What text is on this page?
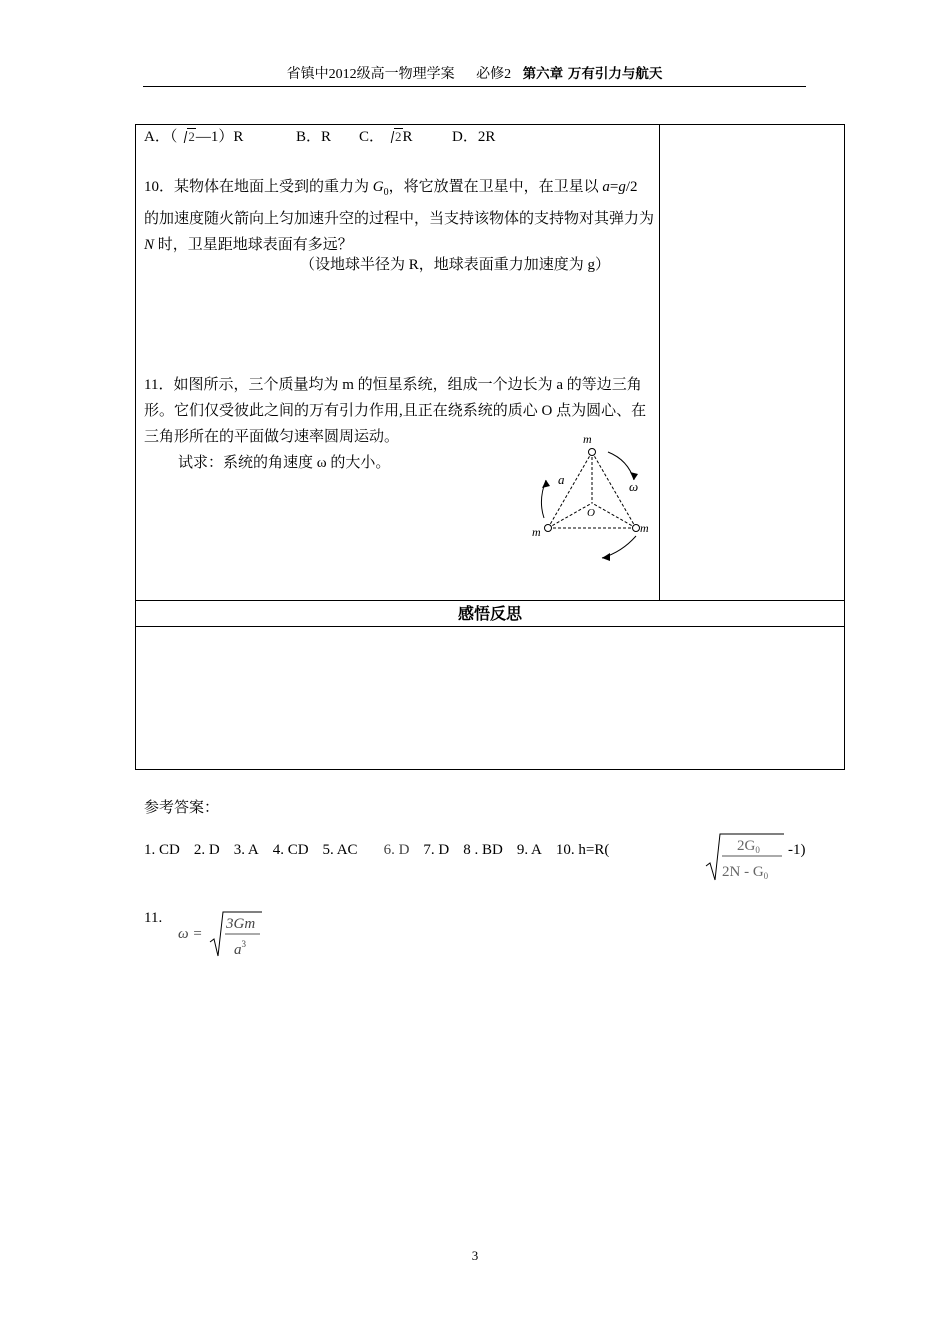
省镇中2012级高一物理学案 必修2 第六章 万有引力与航天
A．（ 2—1）R	B．R C． 2R	D．2R
10．某物体在地面上受到的重力为 $G_0$，将它放置在卫星中，在卫星以 a=g/2 的加速度随火箭向上匀加速升空的过程中，当支持该物体的支持物对其弹力为 N 时，卫星距地球表面有多远？
（设地球半径为 R，地球表面重力加速度为 g）
11．如图所示，三个质量均为 m 的恒星系统，组成一个边长为 a 的等边三角形。它们仅受彼此之间的万有引力作用,且正在绕系统的质心 O 点为圆心、在三角形所在的平面做匀速率圆周运动。
试求：系统的角速度 ω 的大小。
m
m	m
a	ω
O
感悟反思
参考答案：
1. CD 2. D 3. A 4. CD 5. AC 6. D 7. D 8 . BD 9. A 10. h=R(	$2G_0$
$2N - G_0$
-1)
11.
ω =
3Gm
$a^3$
3
